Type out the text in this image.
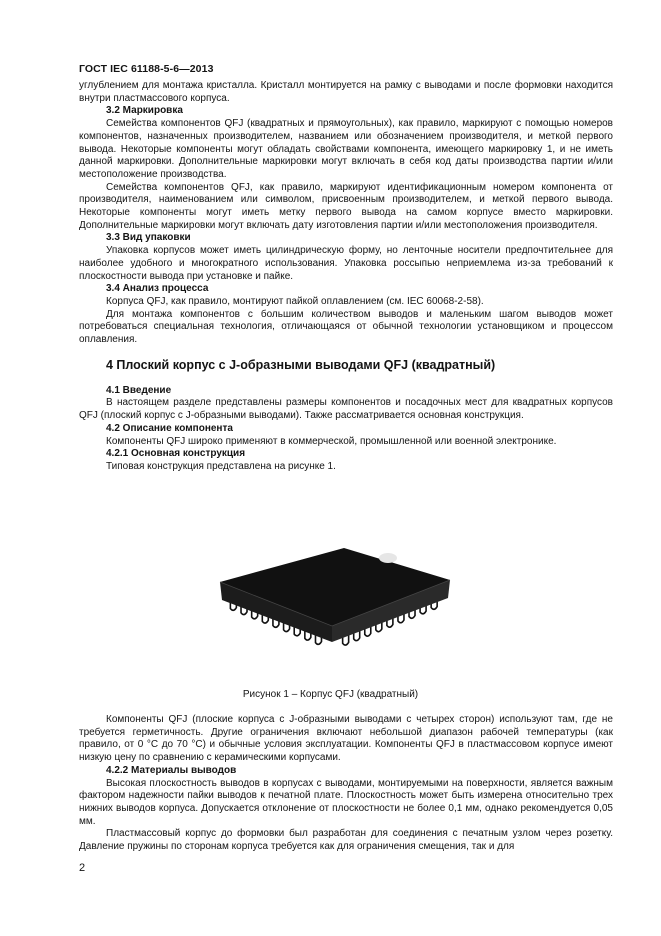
ГОСТ IEC 61188-5-6—2013

углублением для монтажа кристалла. Кристалл монтируется на рамку с выводами и после формовки находится внутри пластмассового корпуса.

3.2 Маркировка

Семейства компонентов QFJ (квадратных и прямоугольных), как правило, маркируют с помощью номеров компонентов, назначенных производителем, названием или обозначением производителя, и меткой первого вывода. Некоторые компоненты могут обладать свойствами компонента, имеющего маркировку 1, и не иметь данной маркировки. Дополнительные маркировки могут включать в себя код даты производства партии и/или местоположение производства.

Семейства компонентов QFJ, как правило, маркируют идентификационным номером компонента от производителя, наименованием или символом, присвоенным производителем, и меткой первого вывода. Некоторые компоненты могут иметь метку первого вывода на самом корпусе вместо маркировки. Дополнительные маркировки могут включать дату изготовления партии и/или местоположения производителя.

3.3 Вид упаковки

Упаковка корпусов может иметь цилиндрическую форму, но ленточные носители предпочтительнее для наиболее удобного и многократного использования. Упаковка россыпью неприемлема из-за требований к плоскостности вывода при установке и пайке.

3.4 Анализ процесса

Корпуса QFJ, как правило, монтируют пайкой оплавлением (см. IEC 60068-2-58).

Для монтажа компонентов с большим количеством выводов и маленьким шагом выводов может потребоваться специальная технология, отличающаяся от обычной технологии установщиком и процессом оплавления.

4 Плоский корпус с J-образными выводами QFJ (квадратный)
4.1 Введение

В настоящем разделе представлены размеры компонентов и посадочных мест для квадратных корпусов QFJ (плоский корпус с J-образными выводами). Также рассматривается основная конструкция.

4.2 Описание компонента

Компоненты QFJ широко применяют в коммерческой, промышленной или военной электронике.

4.2.1 Основная конструкция

Типовая конструкция представлена на рисунке 1.

Рисунок 1 – Корпус QFJ (квадратный)

Компоненты QFJ (плоские корпуса с J-образными выводами с четырех сторон) используют там, где не требуется герметичность. Другие ограничения включают небольшой диапазон рабочей температуры (как правило, от 0 °С до 70 °С) и обычные условия эксплуатации. Компоненты QFJ в пластмассовом корпусе имеют низкую цену по сравнению с керамическими корпусами.

4.2.2 Материалы выводов

Высокая плоскостность выводов в корпусах с выводами, монтируемыми на поверхности, является важным фактором надежности пайки выводов к печатной плате. Плоскостность может быть измерена относительно трех нижних выводов корпуса. Допускается отклонение от плоскостности не более 0,1 мм, однако рекомендуется 0,05 мм.

Пластмассовый корпус до формовки был разработан для соединения с печатным узлом через розетку. Давление пружины по сторонам корпуса требуется как для ограничения смещения, так и для

2
